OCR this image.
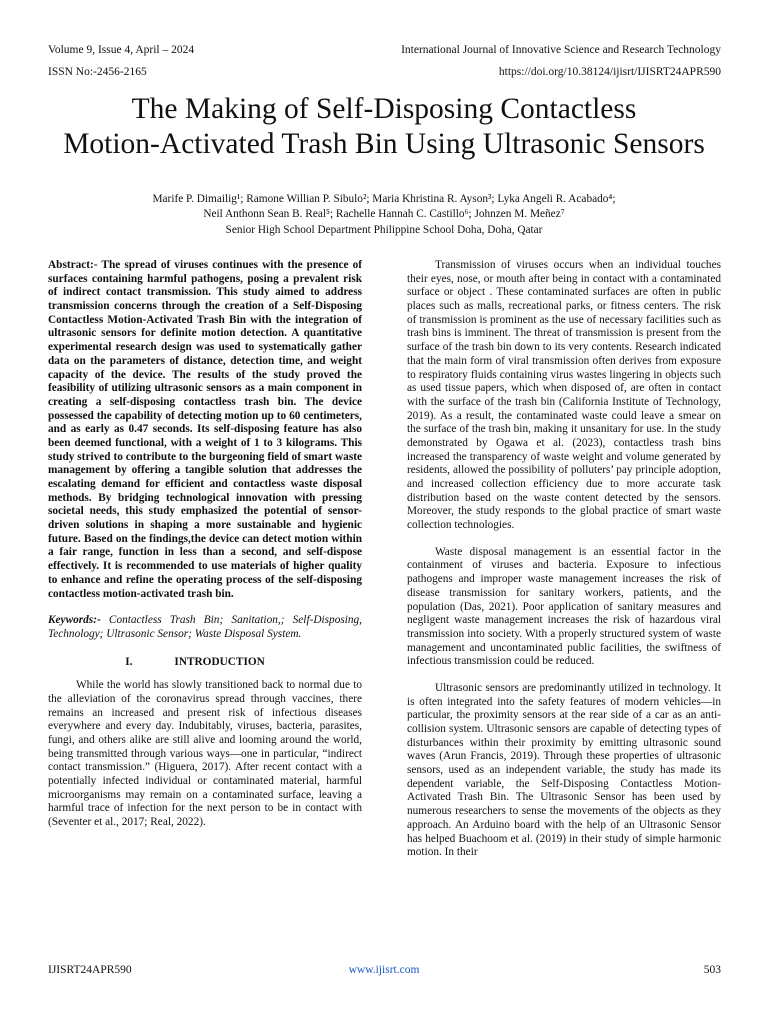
Volume 9, Issue 4, April – 2024	International Journal of Innovative Science and Research Technology
ISSN No:-2456-2165	https://doi.org/10.38124/ijisrt/IJISRT24APR590
The Making of Self-Disposing Contactless
Motion-Activated Trash Bin Using Ultrasonic Sensors
Marife P. Dimailig¹; Ramone Willian P. Sibulo²; Maria Khristina R. Ayson³; Lyka Angeli R. Acabado⁴;
Neil Anthonn Sean B. Real⁵; Rachelle Hannah C. Castillo⁶; Johnzen M. Meñez⁷
Senior High School Department Philippine School Doha, Doha, Qatar

Abstract:- The spread of viruses continues with the presence of surfaces containing harmful pathogens, posing a prevalent risk of indirect contact transmission. This study aimed to address transmission concerns through the creation of a Self-Disposing Contactless Motion-Activated Trash Bin with the integration of ultrasonic sensors for definite motion detection. A quantitative experimental research design was used to systematically gather data on the parameters of distance, detection time, and weight capacity of the device. The results of the study proved the feasibility of utilizing ultrasonic sensors as a main component in creating a self-disposing contactless trash bin. The device possessed the capability of detecting motion up to 60 centimeters, and as early as 0.47 seconds. Its self-disposing feature has also been deemed functional, with a weight of 1 to 3 kilograms. This study strived to contribute to the burgeoning field of smart waste management by offering a tangible solution that addresses the escalating demand for efficient and contactless waste disposal methods. By bridging technological innovation with pressing societal needs, this study emphasized the potential of sensor-driven solutions in shaping a more sustainable and hygienic future. Based on the findings,the device can detect motion within a fair range, function in less than a second, and self-dispose effectively. It is recommended to use materials of higher quality to enhance and refine the operating process of the self-disposing contactless motion-activated trash bin.

Keywords:- Contactless Trash Bin; Sanitation,; Self-Disposing, Technology; Ultrasonic Sensor; Waste Disposal System.

I.	INTRODUCTION

While the world has slowly transitioned back to normal due to the alleviation of the coronavirus spread through vaccines, there remains an increased and present risk of infectious diseases everywhere and every day. Indubitably, viruses, bacteria, parasites, fungi, and others alike are still alive and looming around the world, being transmitted through various ways—one in particular, “indirect contact transmission.” (Higuera, 2017). After recent contact with a potentially infected individual or contaminated material, harmful microorganisms may remain on a contaminated surface, leaving a harmful trace of infection for the next person to be in contact with (Seventer et al., 2017; Real, 2022).

Transmission of viruses occurs when an individual touches their eyes, nose, or mouth after being in contact with a contaminated surface or object . These contaminated surfaces are often in public places such as malls, recreational parks, or fitness centers. The risk of transmission is prominent as the use of necessary facilities such as trash bins is imminent. The threat of transmission is present from the surface of the trash bin down to its very contents. Research indicated that the main form of viral transmission often derives from exposure to respiratory fluids containing virus wastes lingering in objects such as used tissue papers, which when disposed of, are often in contact with the surface of the trash bin (California Institute of Technology, 2019). As a result, the contaminated waste could leave a smear on the surface of the trash bin, making it unsanitary for use. In the study demonstrated by Ogawa et al. (2023), contactless trash bins increased the transparency of waste weight and volume generated by residents, allowed the possibility of polluters’ pay principle adoption, and increased collection efficiency due to more accurate task distribution based on the waste content detected by the sensors. Moreover, the study responds to the global practice of smart waste collection technologies.

Waste disposal management is an essential factor in the containment of viruses and bacteria. Exposure to infectious pathogens and improper waste management increases the risk of disease transmission for sanitary workers, patients, and the population (Das, 2021). Poor application of sanitary measures and negligent waste management increases the risk of hazardous viral transmission into society. With a properly structured system of waste management and uncontaminated public facilities, the swiftness of infectious transmission could be reduced.

Ultrasonic sensors are predominantly utilized in technology. It is often integrated into the safety features of modern vehicles—in particular, the proximity sensors at the rear side of a car as an anti-collision system. Ultrasonic sensors are capable of detecting types of disturbances within their proximity by emitting ultrasonic sound waves (Arun Francis, 2019). Through these properties of ultrasonic sensors, used as an independent variable, the study has made its dependent variable, the Self-Disposing Contactless Motion-Activated Trash Bin. The Ultrasonic Sensor has been used by numerous researchers to sense the movements of the objects as they approach. An Arduino board with the help of an Ultrasonic Sensor has helped Buachoom et al. (2019) in their study of simple harmonic motion. In their

IJISRT24APR590	www.ijisrt.com	503
